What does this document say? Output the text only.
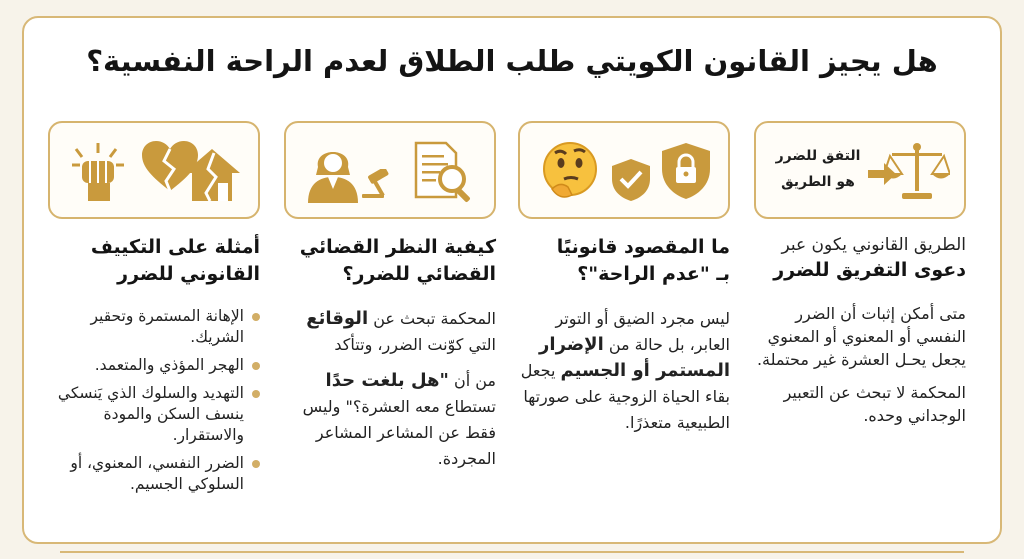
هل يجيز القانون الكويتي طلب الطلاق لعدم الراحة النفسية؟
التفق للضرر
هو الطريق

الطريق القانوني يكون عبر

دعوى التفريق للضرر

متى أمكن إثبات أن الضرر النفسي أو المعنوي أو المعنوي يجعل يحـل العشرة غير محتملة.

المحكمة لا تبحث عن التعبير الوجداني وحده.

ما المقصود قانونيًا

بـ "عدم الراحة"؟

ليس مجرد الضيق أو التوتر العابر، بل حالة من الإضرار المستمر أو الجسيم يجعل بقاء الحياة الزوجية على صورتها الطبيعية متعذرًا.

كيفية النظر القضائي القضائي للضرر؟

المحكمة تبحث عن الوقائع التي كوّنت الضرر، وتتأكد

من أن "هل بلغت حدًا تستطاع معه العشرة؟" وليس فقط عن المشاعر المشاعر المجردة.

أمثلة على التكييف القانوني للضرر

الإهانة المستمرة وتحقير الشريك.
الهجر المؤذي والمتعمد.
التهديد والسلوك الذي يَنسكي ينسف السكن والمودة والاستقرار.
الضرر النفسي، المعنوي، أو السلوكي الجسيم.
